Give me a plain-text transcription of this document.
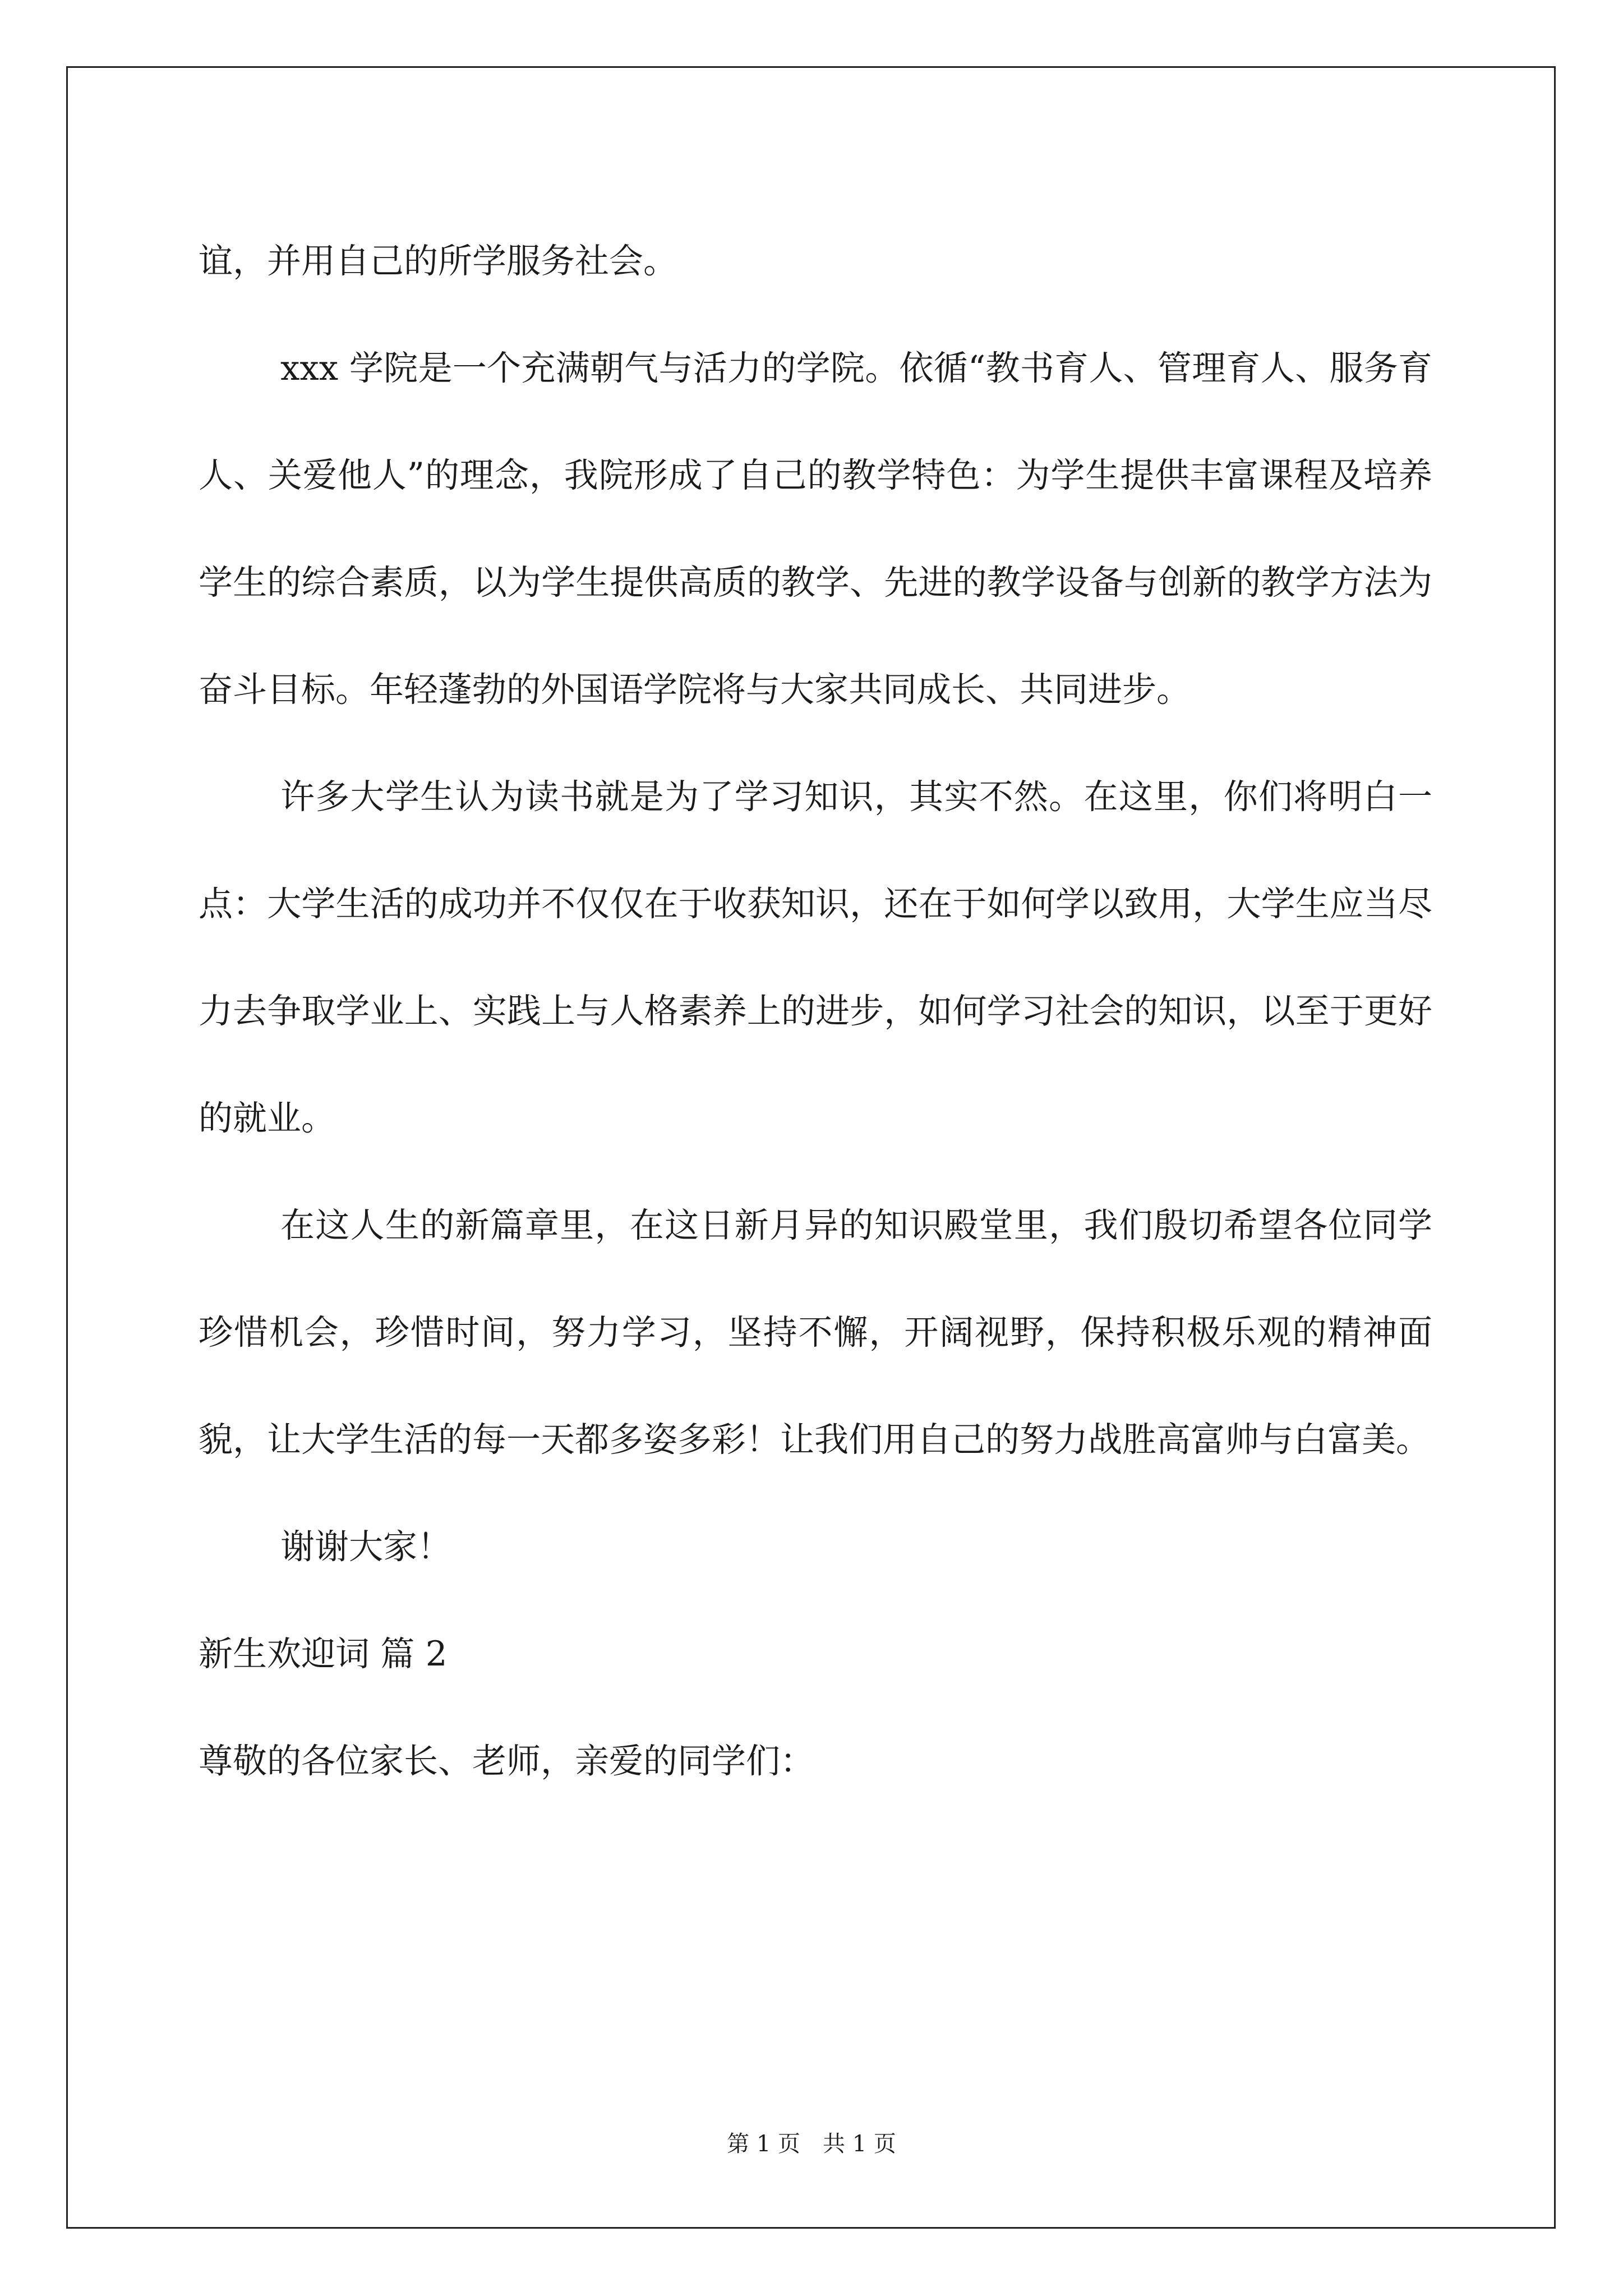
谊，并用自己的所学服务社会。

xxx 学院是一个充满朝气与活力的学院。依循“教书育人、管理育人、服务育人、关爱他人”的理念，我院形成了自己的教学特色：为学生提供丰富课程及培养学生的综合素质，以为学生提供高质的教学、先进的教学设备与创新的教学方法为奋斗目标。年轻蓬勃的外国语学院将与大家共同成长、共同进步。

许多大学生认为读书就是为了学习知识，其实不然。在这里，你们将明白一点：大学生活的成功并不仅仅在于收获知识，还在于如何学以致用，大学生应当尽力去争取学业上、实践上与人格素养上的进步，如何学习社会的知识，以至于更好的就业。

在这人生的新篇章里，在这日新月异的知识殿堂里，我们殷切希望各位同学珍惜机会，珍惜时间，努力学习，坚持不懈，开阔视野，保持积极乐观的精神面貌，让大学生活的每一天都多姿多彩！让我们用自己的努力战胜高富帅与白富美。

谢谢大家！

新生欢迎词 篇 2

尊敬的各位家长、老师，亲爱的同学们：

第 1 页 共 1 页
